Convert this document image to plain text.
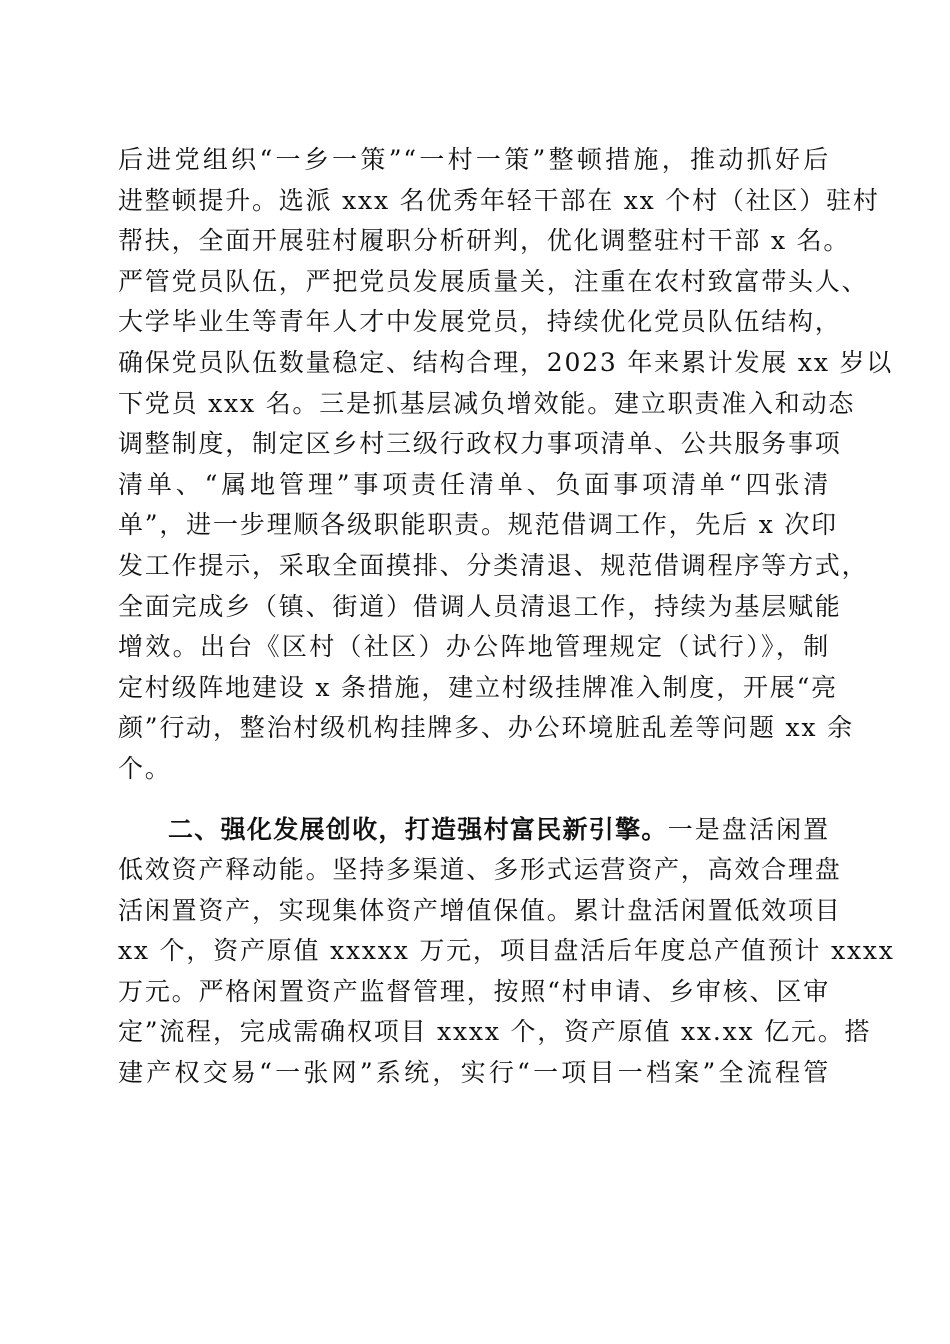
后进党组织“一乡一策”“一村一策”整顿措施，推动抓好后
进整顿提升。选派 xxx 名优秀年轻干部在 xx 个村（社区）驻村
帮扶，全面开展驻村履职分析研判，优化调整驻村干部 x 名。
严管党员队伍，严把党员发展质量关，注重在农村致富带头人、
大学毕业生等青年人才中发展党员，持续优化党员队伍结构，
确保党员队伍数量稳定、结构合理，2023 年来累计发展 xx 岁以
下党员 xxx 名。三是抓基层减负增效能。建立职责准入和动态
调整制度，制定区乡村三级行政权力事项清单、公共服务事项
清单、“属地管理”事项责任清单、负面事项清单“四张清
单”，进一步理顺各级职能职责。规范借调工作，先后 x 次印
发工作提示，采取全面摸排、分类清退、规范借调程序等方式，
全面完成乡（镇、街道）借调人员清退工作，持续为基层赋能
增效。出台《区村（社区）办公阵地管理规定（试行）》，制
定村级阵地建设 x 条措施，建立村级挂牌准入制度，开展“亮
颜”行动，整治村级机构挂牌多、办公环境脏乱差等问题 xx 余
个。
二、强化发展创收，打造强村富民新引擎。一是盘活闲置
低效资产释动能。坚持多渠道、多形式运营资产，高效合理盘
活闲置资产，实现集体资产增值保值。累计盘活闲置低效项目
xx 个，资产原值 xxxxx 万元，项目盘活后年度总产值预计 xxxx
万元。严格闲置资产监督管理，按照“村申请、乡审核、区审
定”流程，完成需确权项目 xxxx 个，资产原值 xx.xx 亿元。搭
建产权交易“一张网”系统，实行“一项目一档案”全流程管
